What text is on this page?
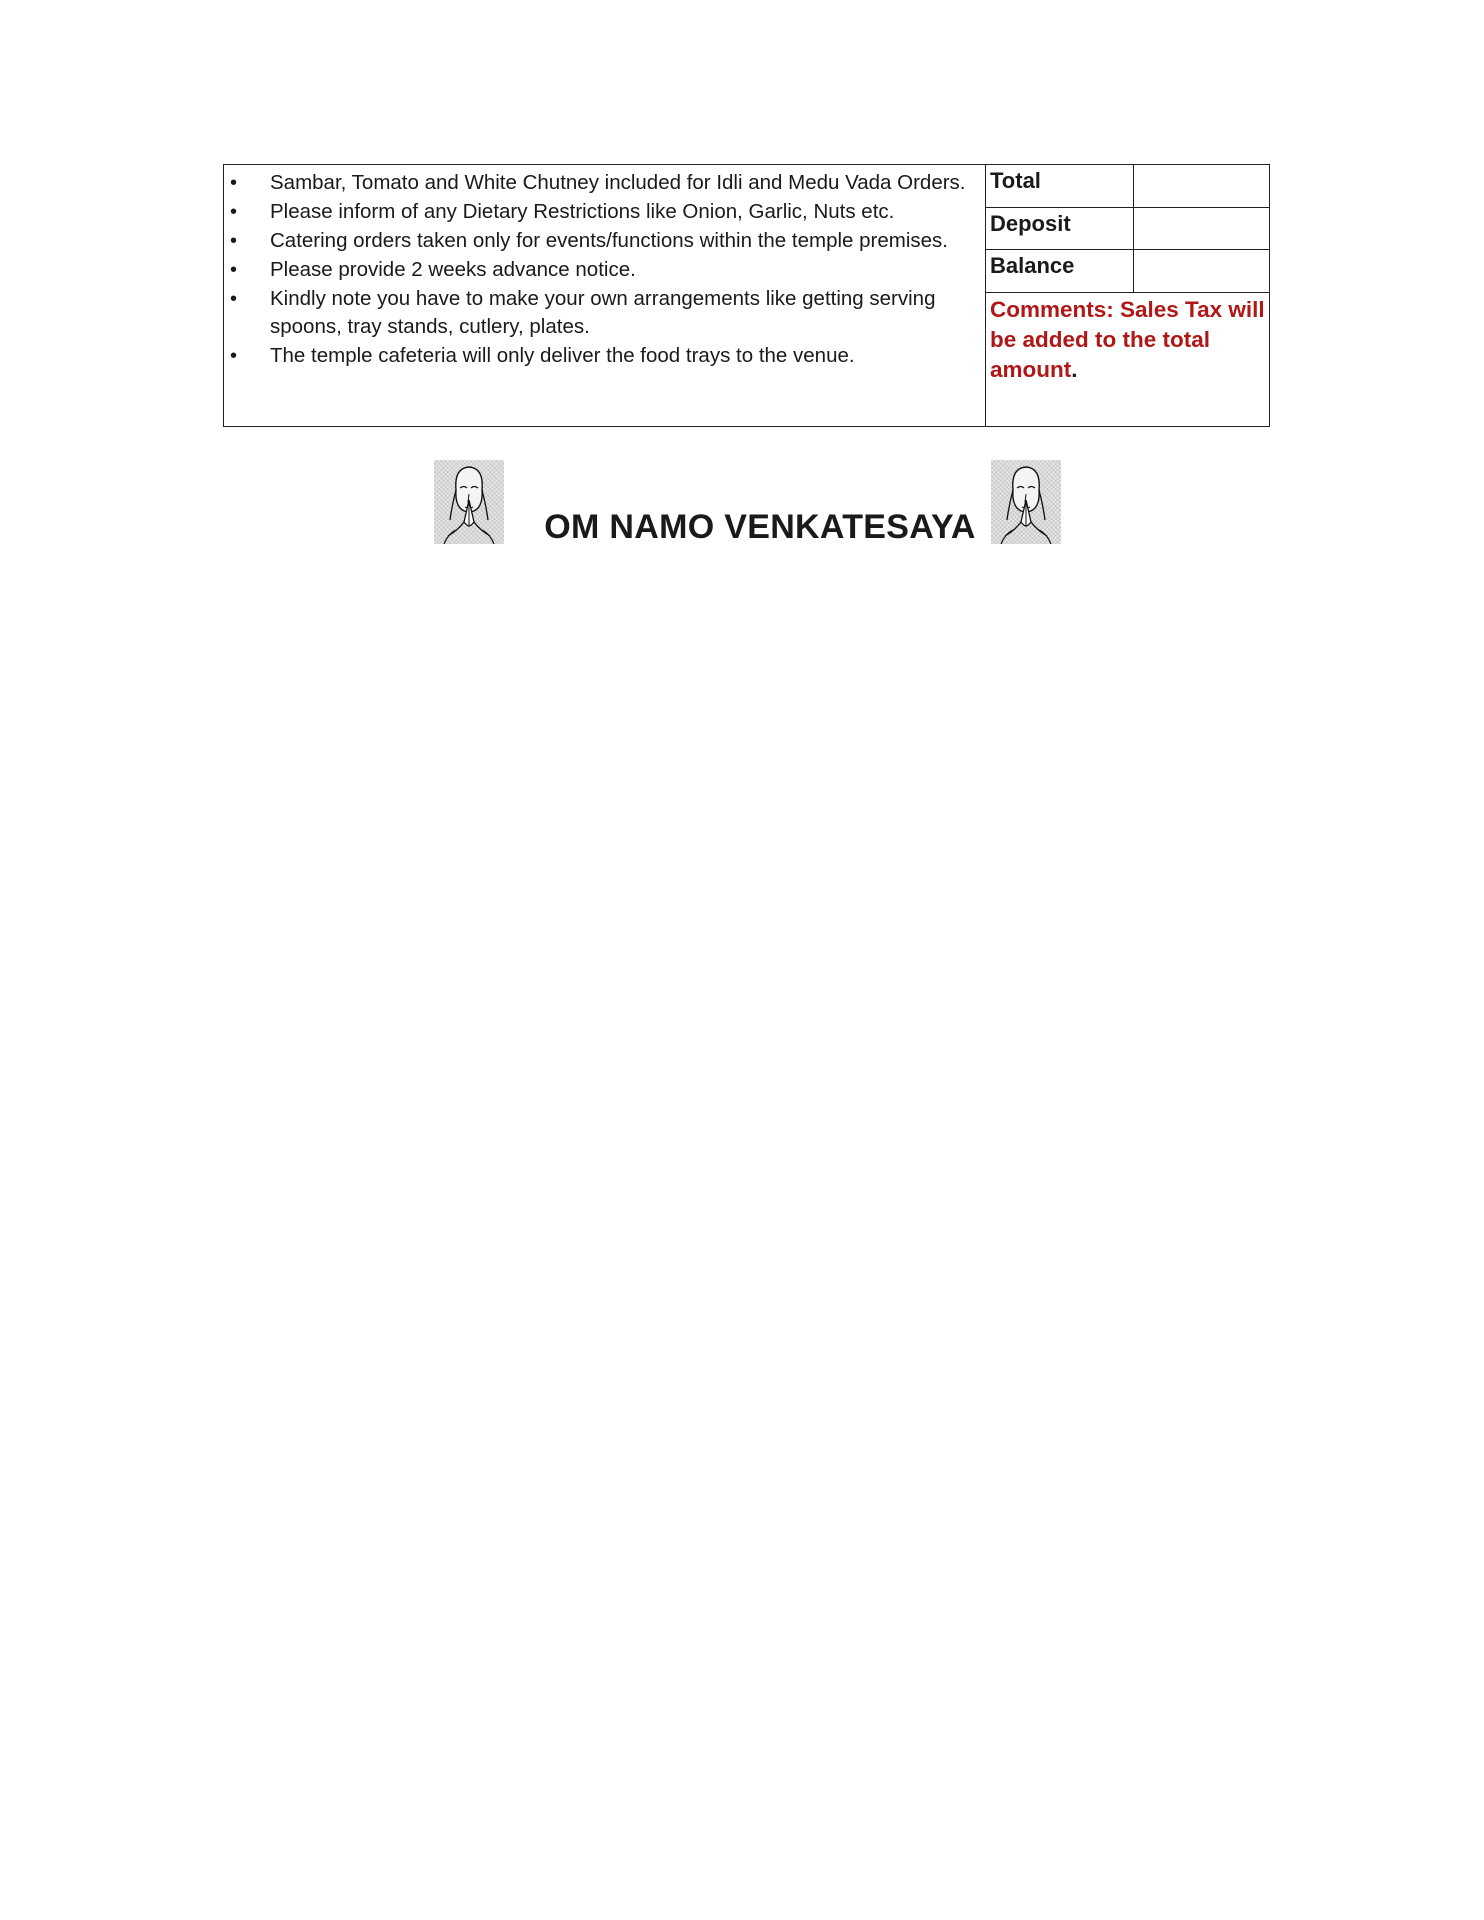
• Sambar, Tomato and White Chutney included for Idli and Medu Vada Orders.
• Please inform of any Dietary Restrictions like Onion, Garlic, Nuts etc.
• Catering orders taken only for events/functions within the temple premises.
• Please provide 2 weeks advance notice.
• Kindly note you have to make your own arrangements like getting serving spoons, tray stands, cutlery, plates.
• The temple cafeteria will only deliver the food trays to the venue.
Total
Deposit
Balance
Comments: Sales Tax will be added to the total amount.
OM NAMO VENKATESAYA
